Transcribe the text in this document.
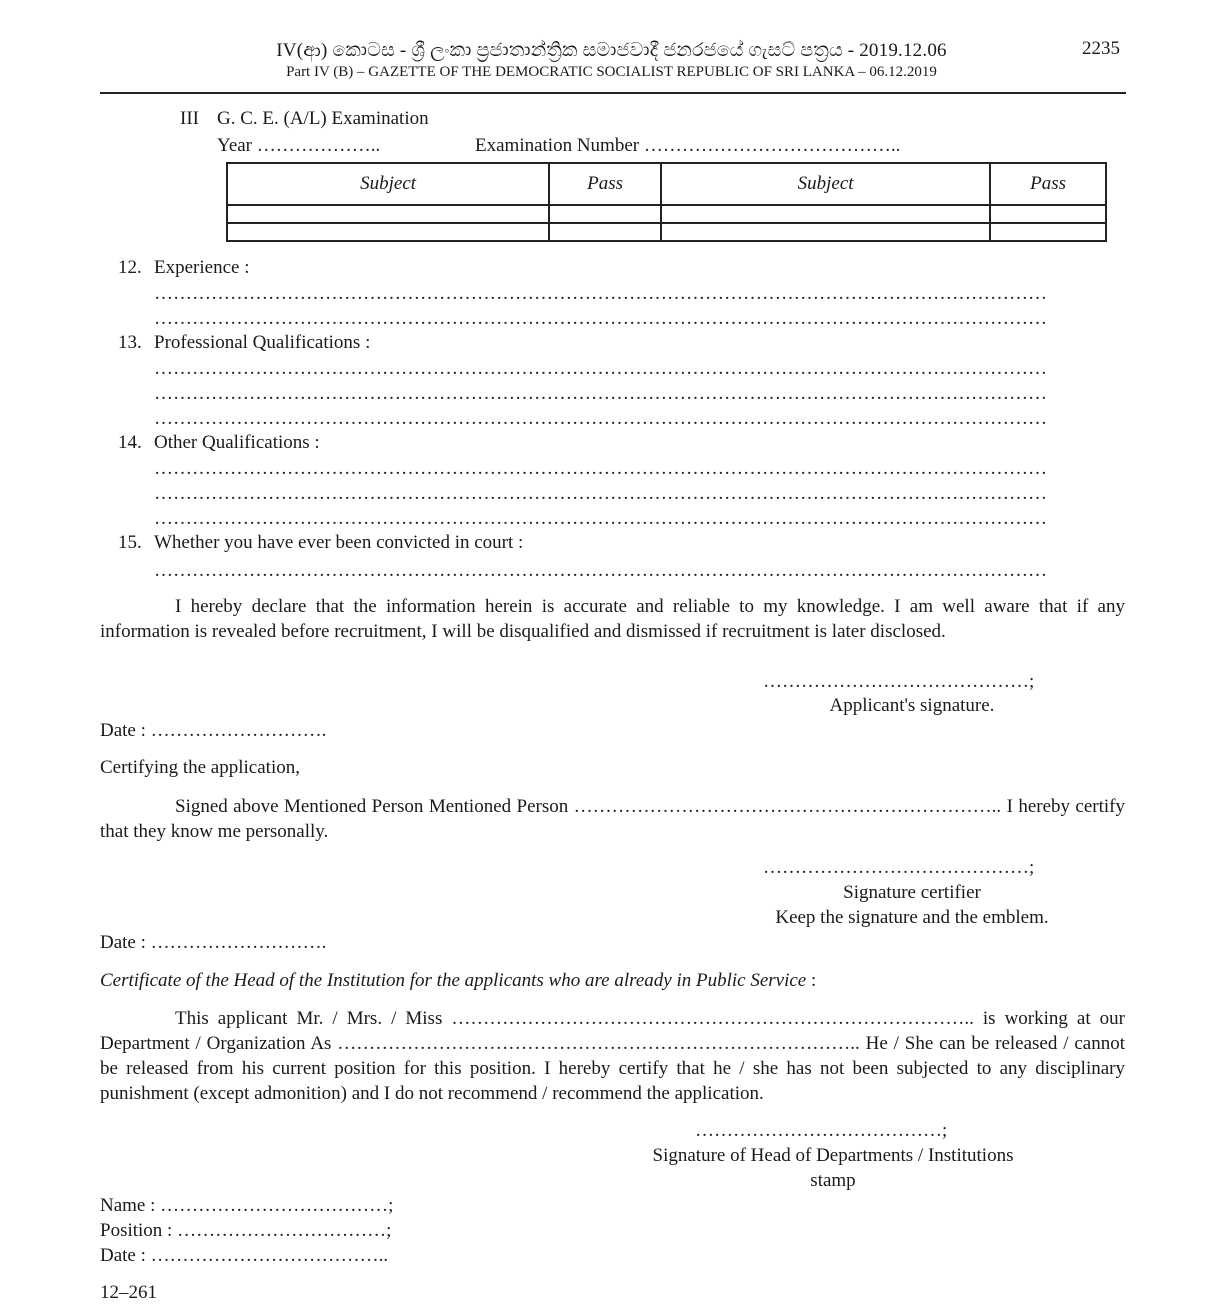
IV(ආ) කොටස - ශ්‍රී ලංකා ප්‍රජාතාන්ත්‍රික සමාජවාදී ජනරජයේ ගැසට් පත්‍රය - 2019.12.06
Part IV (B) – GAZETTE OF THE DEMOCRATIC SOCIALIST REPUBLIC OF SRI LANKA – 06.12.2019
2235
III G. C. E. (A/L) Examination
Year ………………..	Examination Number …………………………………..
Subject	Pass	Subject	Pass

12. Experience :
……………………………………………………………………………………………………………………………
……………………………………………………………………………………………………………………………
13. Professional Qualifications :
……………………………………………………………………………………………………………………………
……………………………………………………………………………………………………………………………
……………………………………………………………………………………………………………………………
14. Other Qualifications :
……………………………………………………………………………………………………………………………
……………………………………………………………………………………………………………………………
……………………………………………………………………………………………………………………………
15. Whether you have ever been convicted in court :
……………………………………………………………………………………………………………………………
I hereby declare that the information herein is accurate and reliable to my knowledge. I am well aware that if any information is revealed before recruitment, I will be disqualified and dismissed if recruitment is later disclosed.
……………………………………;
Applicant's signature.
Date : ……………………….
Certifying the application,
Signed above Mentioned Person Mentioned Person ………………………………………………………….. I hereby certify that they know me personally.
……………………………………;
Signature certifier
Keep the signature and the emblem.
Date : ……………………….
Certificate of the Head of the Institution for the applicants who are already in Public Service :
This applicant Mr. / Mrs. / Miss ……………………………………………………………………….. is working at our Department / Organization As ……………………………………………………………………….. He / She can be released / cannot be released from his current position for this position. I hereby certify that he / she has not been subjected to any disciplinary punishment (except admonition) and I do not recommend / recommend the application.
…………………………………;
Signature of Head of Departments / Institutions
stamp
Name : ………………………………;
Position : ……………………………;
Date : ………………………………..
12–261
